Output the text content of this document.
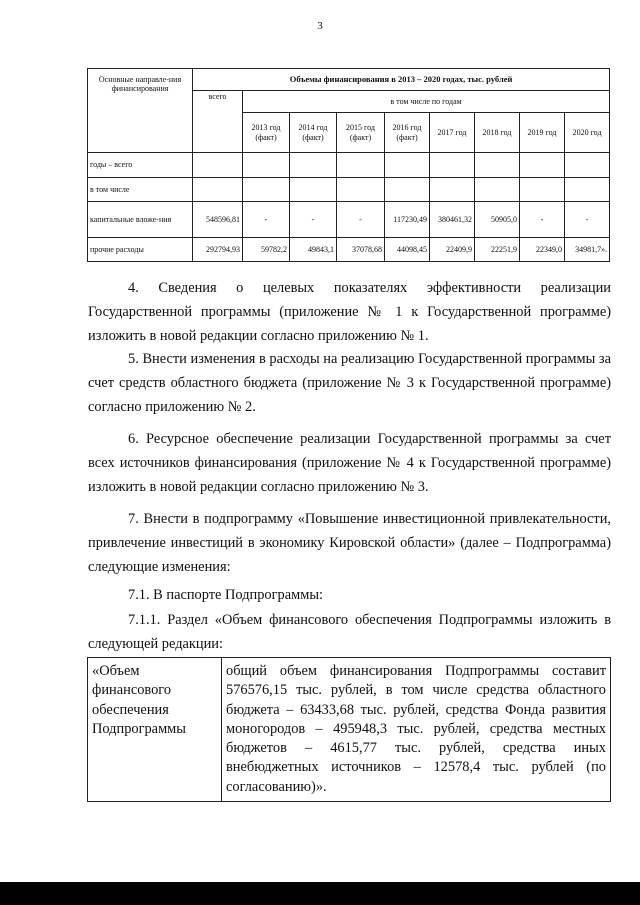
3
Основные направле-ния финансирования	Объемы финансирования в 2013 – 2020 годах, тыс. рублей								
	всего	в том числе по годам							
		2013 год (факт)	2014 год (факт)	2015 год (факт)	2016 год (факт)	2017 год	2018 год	2019 год	2020 год
годы – всего									
в том числе									
капитальные вложе-ния	548596,81	-	-	-	117230,49	380461,32	50905,0	-	-
прочие расходы	292794,93	59782,2	49843,1	37078,68	44098,45	22409,9	22251,9	22349,0	34981,7».

4. Сведения о целевых показателях эффективности реализации Государственной программы (приложение № 1 к Государственной программе) изложить в новой редакции согласно приложению № 1.

5. Внести изменения в расходы на реализацию Государственной программы за счет средств областного бюджета (приложение № 3 к Государственной программе) согласно приложению № 2.

6. Ресурсное обеспечение реализации Государственной программы за счет всех источников финансирования (приложение № 4 к Государственной программе) изложить в новой редакции согласно приложению № 3.

7. Внести в подпрограмму «Повышение инвестиционной привлекательности, привлечение инвестиций в экономику Кировской области» (далее – Подпрограмма) следующие изменения:

7.1. В паспорте Подпрограммы:

7.1.1. Раздел «Объем финансового обеспечения Подпрограммы изложить в следующей редакции:

«Объем финансового обеспечения Подпрограммы	общий объем финансирования Подпрограммы составит 576576,15 тыс. рублей, в том числе средства областного бюджета – 63433,68 тыс. рублей, средства Фонда развития моногородов – 495948,3 тыс. рублей, средства местных бюджетов – 4615,77 тыс. рублей, средства иных внебюджетных источников – 12578,4 тыс. рублей (по согласованию)».
